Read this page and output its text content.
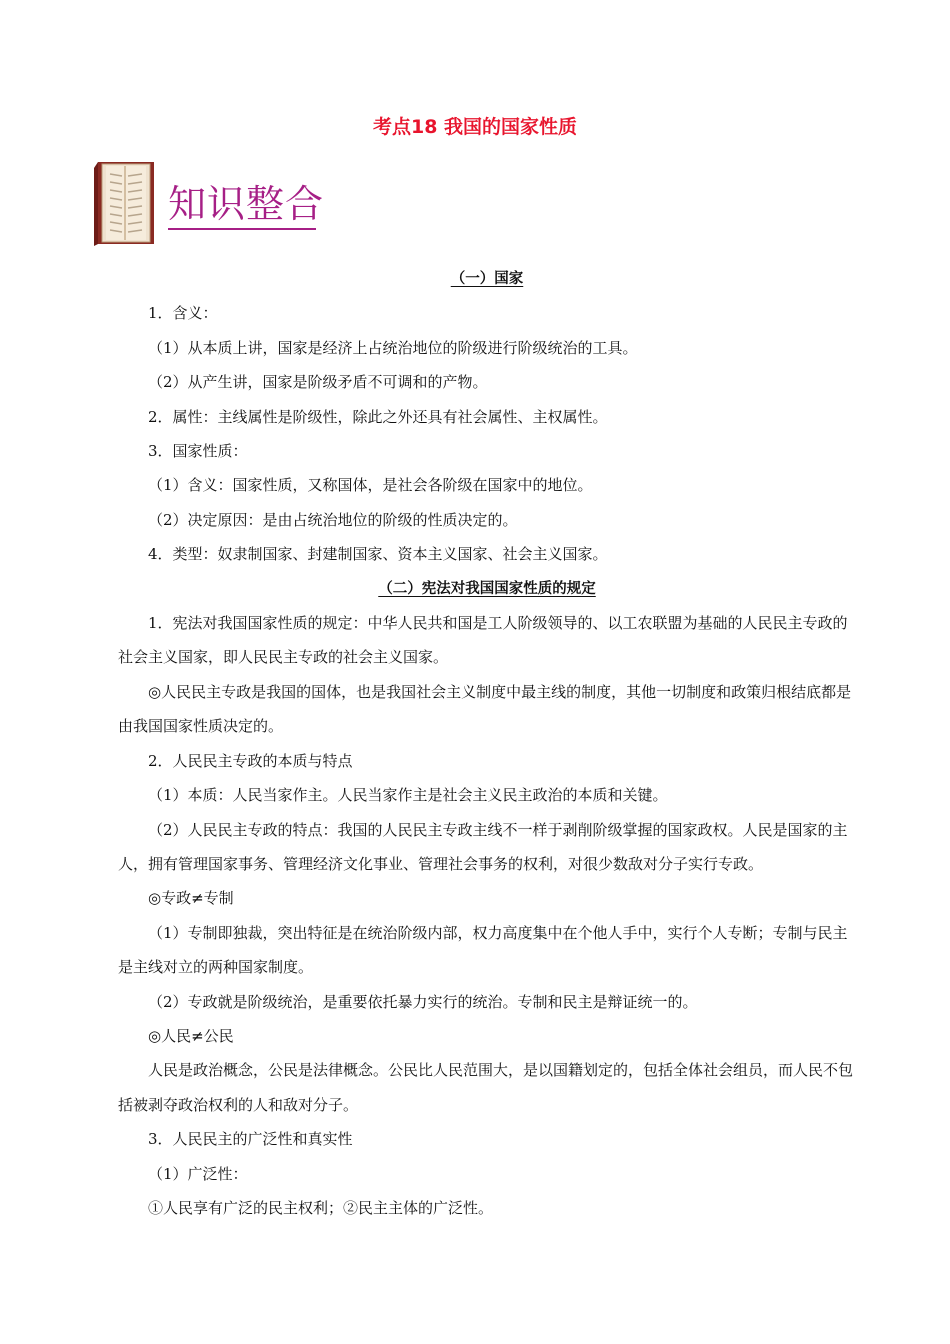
考点18 我国的国家性质
知识整合

（一）国家

1．含义：

（1）从本质上讲，国家是经济上占统治地位的阶级进行阶级统治的工具。

（2）从产生讲，国家是阶级矛盾不可调和的产物。

2．属性：主线属性是阶级性，除此之外还具有社会属性、主权属性。

3．国家性质：

（1）含义：国家性质，又称国体，是社会各阶级在国家中的地位。

（2）决定原因：是由占统治地位的阶级的性质决定的。

4．类型：奴隶制国家、封建制国家、资本主义国家、社会主义国家。

（二）宪法对我国国家性质的规定

1．宪法对我国国家性质的规定：中华人民共和国是工人阶级领导的、以工农联盟为基础的人民民主专政的社会主义国家，即人民民主专政的社会主义国家。

◎人民民主专政是我国的国体，也是我国社会主义制度中最主线的制度，其他一切制度和政策归根结底都是由我国国家性质决定的。

2．人民民主专政的本质与特点

（1）本质：人民当家作主。人民当家作主是社会主义民主政治的本质和关键。

（2）人民民主专政的特点：我国的人民民主专政主线不一样于剥削阶级掌握的国家政权。人民是国家的主人，拥有管理国家事务、管理经济文化事业、管理社会事务的权利，对很少数敌对分子实行专政。

◎专政≠专制

（1）专制即独裁，突出特征是在统治阶级内部，权力高度集中在个他人手中，实行个人专断；专制与民主是主线对立的两种国家制度。

（2）专政就是阶级统治，是重要依托暴力实行的统治。专制和民主是辩证统一的。

◎人民≠公民

人民是政治概念，公民是法律概念。公民比人民范围大，是以国籍划定的，包括全体社会组员，而人民不包括被剥夺政治权利的人和敌对分子。

3．人民民主的广泛性和真实性

（1）广泛性：

①人民享有广泛的民主权利；②民主主体的广泛性。
